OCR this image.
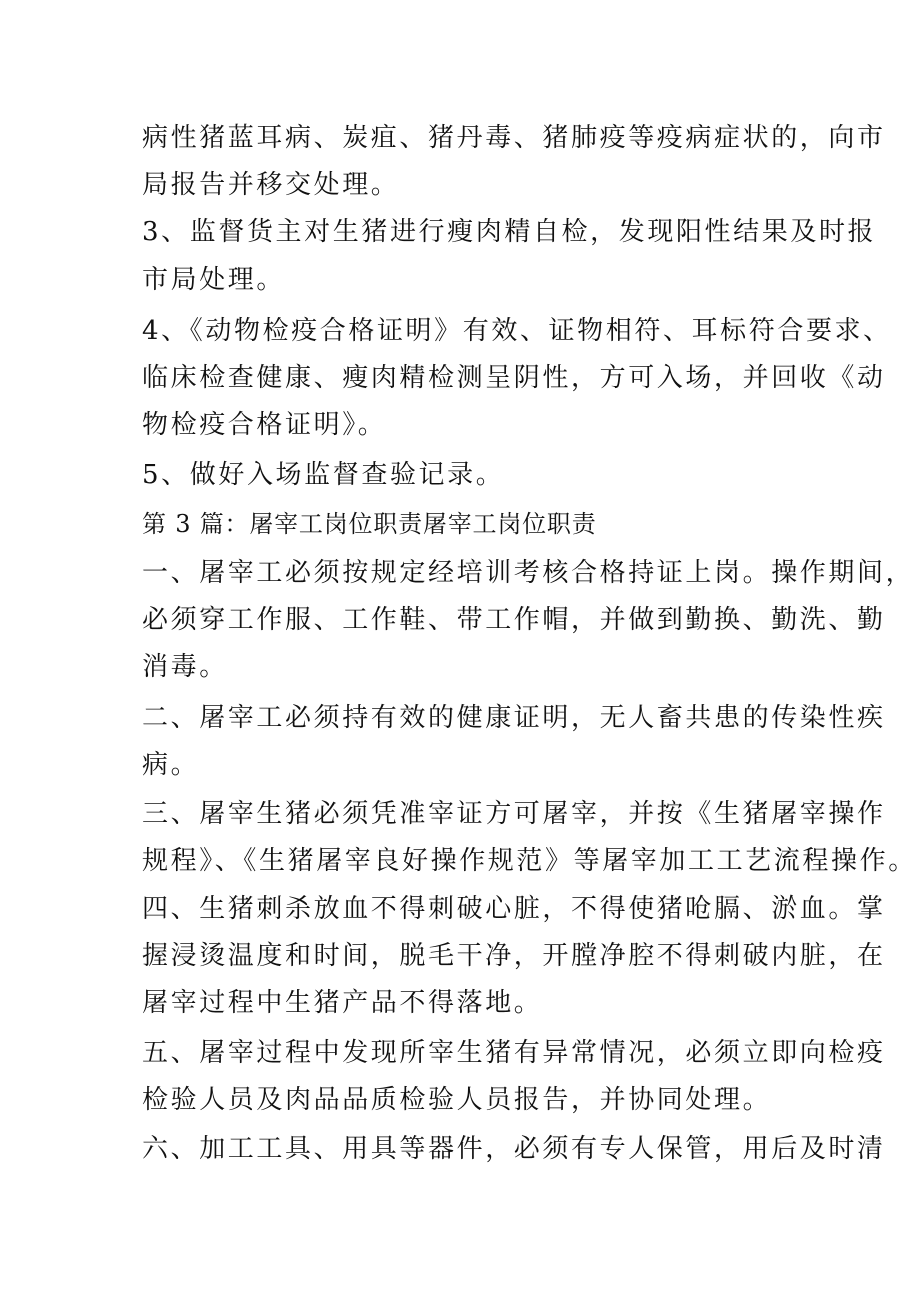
病性猪蓝耳病、炭疽、猪丹毒、猪肺疫等疫病症状的，向市
局报告并移交处理。
3、监督货主对生猪进行瘦肉精自检，发现阳性结果及时报
市局处理。
4、《动物检疫合格证明》有效、证物相符、耳标符合要求、
临床检查健康、瘦肉精检测呈阴性，方可入场，并回收《动
物检疫合格证明》。
5、做好入场监督查验记录。
第 3 篇：屠宰工岗位职责屠宰工岗位职责
一、屠宰工必须按规定经培训考核合格持证上岗。操作期间，
必须穿工作服、工作鞋、带工作帽，并做到勤换、勤洗、勤
消毒。
二、屠宰工必须持有效的健康证明，无人畜共患的传染性疾
病。
三、屠宰生猪必须凭准宰证方可屠宰，并按《生猪屠宰操作
规程》、《生猪屠宰良好操作规范》等屠宰加工工艺流程操作。
四、生猪刺杀放血不得刺破心脏，不得使猪呛膈、淤血。掌
握浸烫温度和时间，脱毛干净，开膛净腔不得刺破内脏，在
屠宰过程中生猪产品不得落地。
五、屠宰过程中发现所宰生猪有异常情况，必须立即向检疫
检验人员及肉品品质检验人员报告，并协同处理。
六、加工工具、用具等器件，必须有专人保管，用后及时清
